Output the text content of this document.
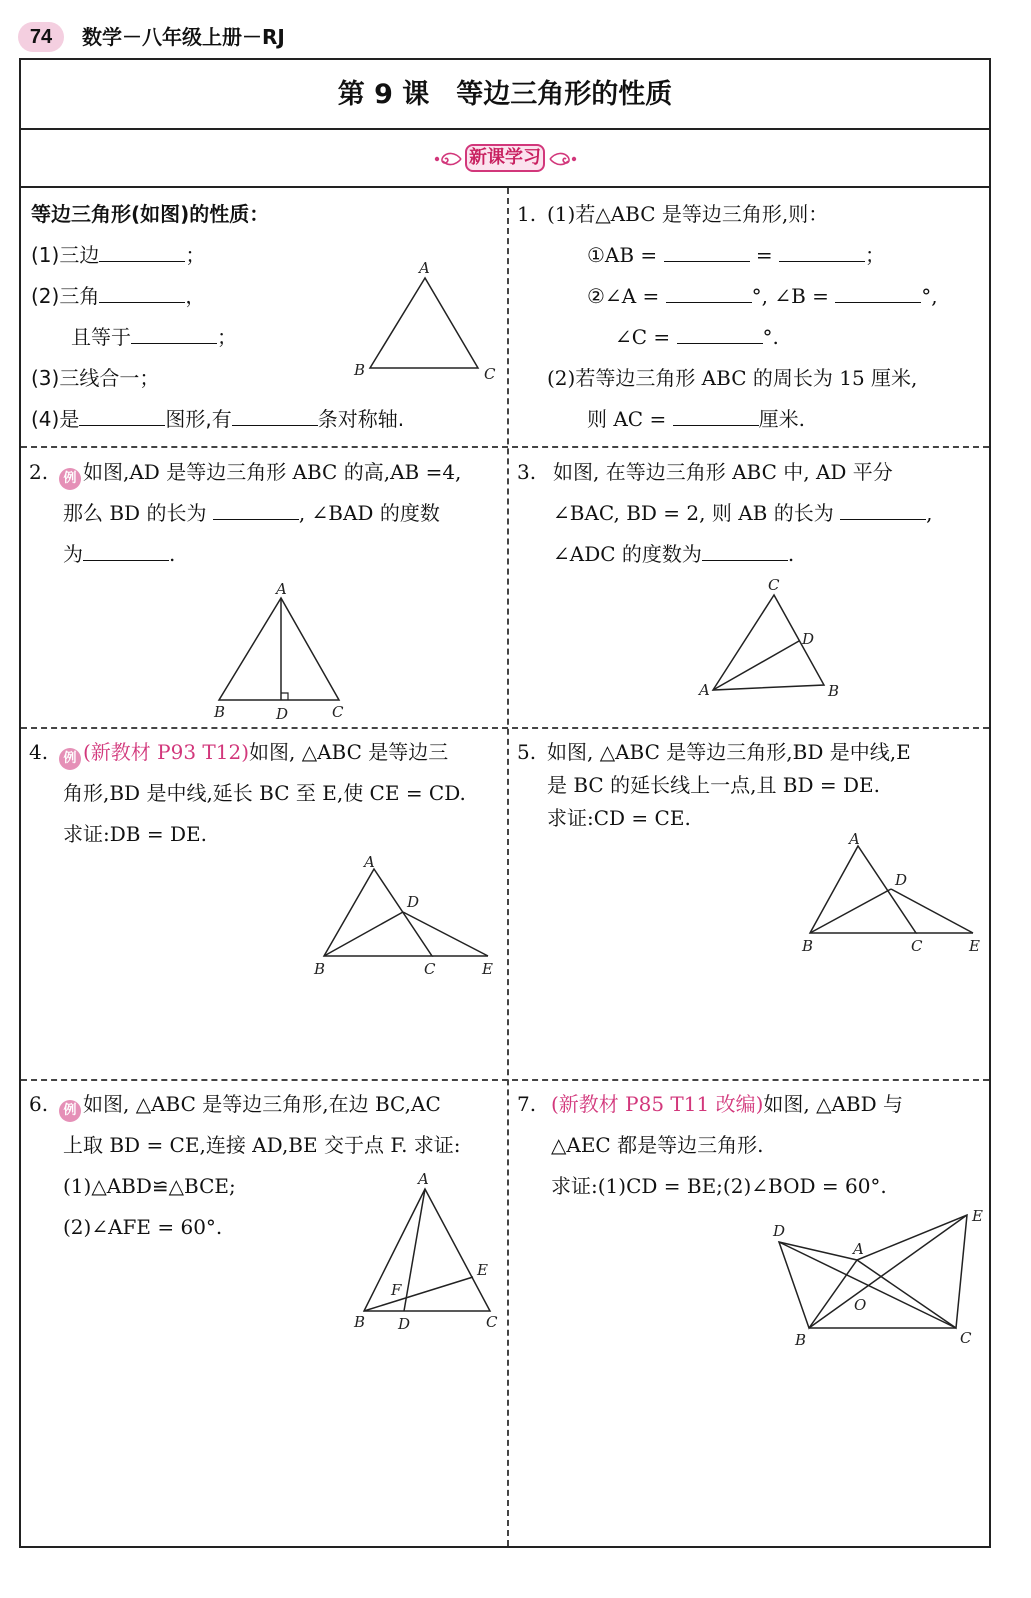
74	数学－八年级上册－RJ
第 9 课　等边三角形的性质
新课学习
等边三角形(如图)的性质：
(1)三边	；
(2)三角	，
且等于	；
(3)三线合一；
(4)是	图形,有	条对称轴.
A
B	C
1. (1)若△ABC 是等边三角形,则：
①AB =	=	；
②∠A =	°, ∠B =	°,
∠C =	°.
(2)若等边三角形 ABC 的周长为 15 厘米,
则 AC =	厘米.
2.	例 如图,AD 是等边三角形 ABC 的高,AB =4,
那么 BD 的长为	, ∠BAD 的度数
为	.
A
B	D	C
3. 如图, 在等边三角形 ABC 中, AD 平分
∠BAC, BD = 2, 则 AB 的长为	,
∠ADC 的度数为	.
C
D
A	B
4.	例 (新教材 P93 T12)如图, △ABC 是等边三
角形,BD 是中线,延长 BC 至 E,使 CE = CD.
求证:DB = DE.
A
D
B	C	E
5. 如图, △ABC 是等边三角形,BD 是中线,E
是 BC 的延长线上一点,且 BD = DE.
求证:CD = CE.
A
D
B	C	E
6.	例 如图, △ABC 是等边三角形,在边 BC,AC
上取 BD = CE,连接 AD,BE 交于点 F. 求证:
(1)△ABD≌△BCE;
(2)∠AFE = 60°.
A
E
F
B D	C
7. (新教材 P85 T11 改编)如图, △ABD 与
△AEC 都是等边三角形.
求证:(1)CD = BE;(2)∠BOD = 60°.
E
D
A
O
B	C
